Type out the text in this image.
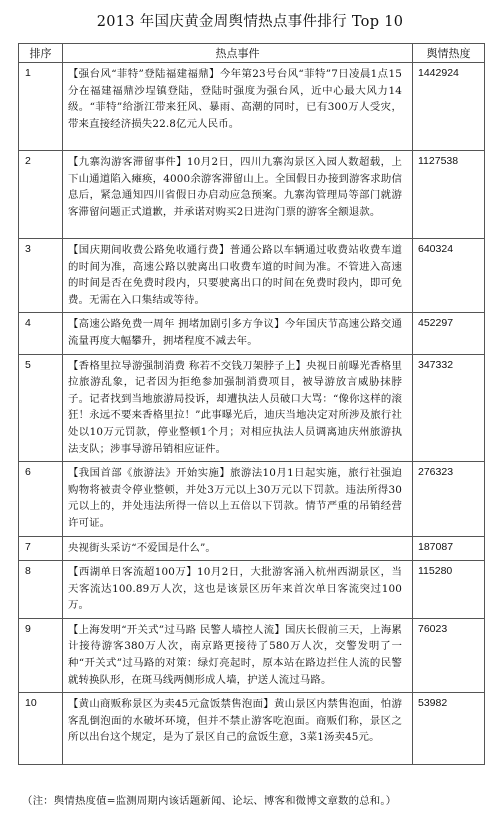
2013 年国庆黄金周舆情热点事件排行 Top 10
排序	热点事件	舆情热度
1	【强台风“菲特”登陆福建福鼎】今年第23号台风“菲特”7日凌晨1点15分在福建福鼎沙埕镇登陆，登陆时强度为强台风，近中心最大风力14级。“菲特”给浙江带来狂风、暴雨、高潮的同时，已有300万人受灾，带来直接经济损失22.8亿元人民币。	1442924
2	【九寨沟游客滞留事件】10月2日，四川九寨沟景区入园人数超载，上下山通道陷入瘫痪，4000余游客滞留山上。全国假日办接到游客求助信息后，紧急通知四川省假日办启动应急预案。九寨沟管理局等部门就游客滞留问题正式道歉，并承诺对购买2日进沟门票的游客全额退款。	1127538
3	【国庆期间收费公路免收通行费】普通公路以车辆通过收费站收费车道的时间为准，高速公路以驶离出口收费车道的时间为准。不管进入高速的时间是否在免费时段内，只要驶离出口的时间在免费时段内，即可免费。无需在入口集结或等待。	640324
4	【高速公路免费一周年 拥堵加剧引多方争议】今年国庆节高速公路交通流量再度大幅攀升，拥堵程度不减去年。	452297
5	【香格里拉导游强制消费 称若不交钱刀架脖子上】央视日前曝光香格里拉旅游乱象，记者因为拒绝参加强制消费项目，被导游放言威胁抹脖子。记者找到当地旅游局投诉，却遭执法人员破口大骂：“像你这样的滚狂！永远不要来香格里拉！”此事曝光后，迪庆当地决定对所涉及旅行社处以10万元罚款，停业整顿1个月；对相应执法人员调离迪庆州旅游执法支队；涉事导游吊销相应证件。	347332
6	【我国首部《旅游法》开始实施】旅游法10月1日起实施，旅行社强迫购物将被责令停业整顿，并处3万元以上30万元以下罚款。违法所得30元以上的，并处违法所得一倍以上五倍以下罚款。情节严重的吊销经营许可证。	276323
7	央视街头采访“不爱国是什么”。	187087
8	【西湖单日客流超100万】10月2日，大批游客涌入杭州西湖景区，当天客流达100.89万人次，这也是该景区历年来首次单日客流突过100万。	115280
9	【上海发明“开关式”过马路 民警人墙控人流】国庆长假前三天，上海累计接待游客380万人次，南京路更接待了580万人次，交警发明了一种“开关式”过马路的对策：绿灯亮起时，原本站在路边拦住人流的民警就转换队形，在斑马线两侧形成人墙，护送人流过马路。	76023
10	【黄山商贩称景区为卖45元盒饭禁售泡面】黄山景区内禁售泡面，怕游客乱倒泡面的水破坏环境，但并不禁止游客吃泡面。商贩们称，景区之所以出台这个规定，是为了景区自己的盒饭生意，3菜1汤卖45元。	53982
（注：舆情热度值=监测周期内该话题新闻、论坛、博客和微博文章数的总和。）
